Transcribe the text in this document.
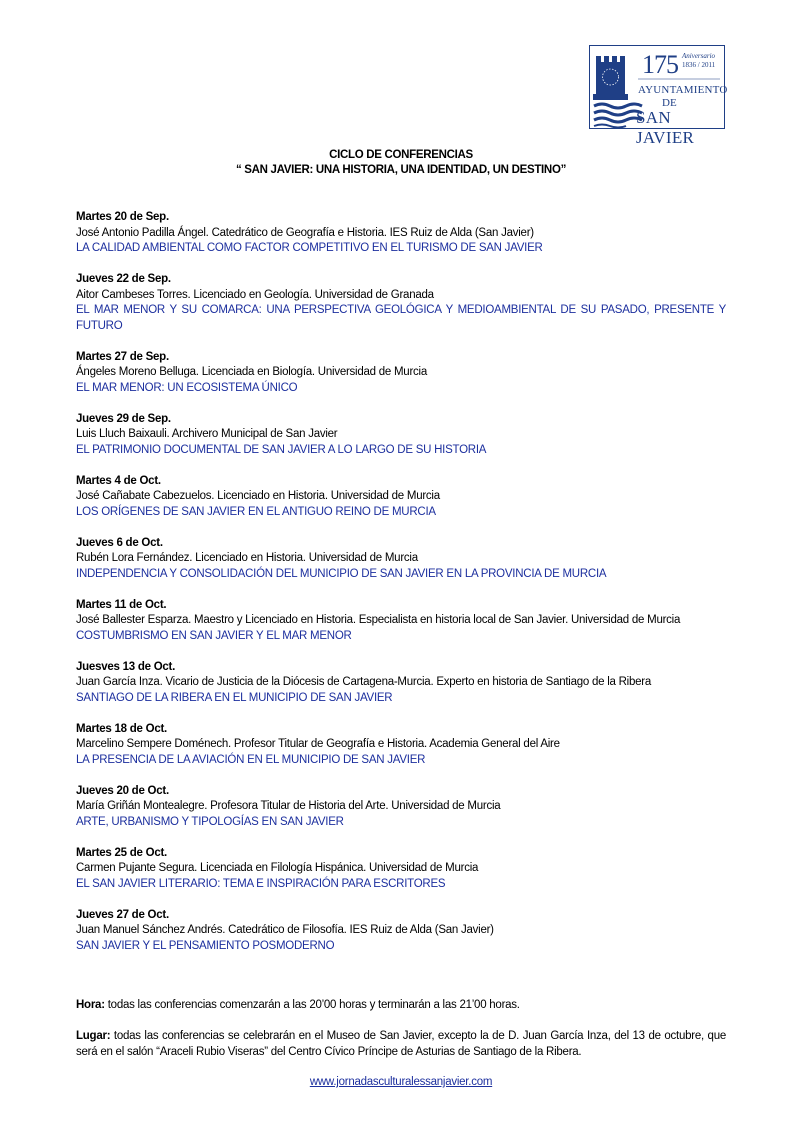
175 Aniversario
1836 / 2011
AYUNTAMIENTO
DE
SAN JAVIER
CICLO DE CONFERENCIAS
“ SAN JAVIER: UNA HISTORIA, UNA IDENTIDAD, UN DESTINO”
Martes 20 de Sep.
José Antonio Padilla Ángel. Catedrático de Geografía e Historia. IES Ruiz de Alda (San Javier)
LA CALIDAD AMBIENTAL COMO FACTOR COMPETITIVO EN EL TURISMO DE SAN JAVIER
Jueves 22 de Sep.
Aitor Cambeses Torres. Licenciado en Geología. Universidad de Granada
EL MAR MENOR Y SU COMARCA: UNA PERSPECTIVA GEOLÓGICA Y MEDIOAMBIENTAL DE SU PASADO, PRESENTE Y FUTURO
Martes 27 de Sep.
Ángeles Moreno Belluga. Licenciada en Biología. Universidad de Murcia
EL MAR MENOR: UN ECOSISTEMA ÚNICO
Jueves 29 de Sep.
Luis Lluch Baixauli. Archivero Municipal de San Javier
EL PATRIMONIO DOCUMENTAL DE SAN JAVIER A LO LARGO DE SU HISTORIA
Martes 4 de Oct.
José Cañabate Cabezuelos. Licenciado en Historia. Universidad de Murcia
LOS ORÍGENES DE SAN JAVIER EN EL ANTIGUO REINO DE MURCIA
Jueves 6 de Oct.
Rubén Lora Fernández. Licenciado en Historia. Universidad de Murcia
INDEPENDENCIA Y CONSOLIDACIÓN DEL MUNICIPIO DE SAN JAVIER EN LA PROVINCIA DE MURCIA
Martes 11 de Oct.
José Ballester Esparza. Maestro y Licenciado en Historia. Especialista en historia local de San Javier. Universidad de Murcia
COSTUMBRISMO EN SAN JAVIER Y EL MAR MENOR
Juesves 13 de Oct.
Juan García Inza. Vicario de Justicia de la Diócesis de Cartagena-Murcia. Experto en historia de Santiago de la Ribera
SANTIAGO DE LA RIBERA EN EL MUNICIPIO DE SAN JAVIER
Martes 18 de Oct.
Marcelino Sempere Doménech. Profesor Titular de Geografía e Historia. Academia General del Aire
LA PRESENCIA DE LA AVIACIÓN EN EL MUNICIPIO DE SAN JAVIER
Jueves 20 de Oct.
María Griñán Montealegre. Profesora Titular de Historia del Arte. Universidad de Murcia
ARTE, URBANISMO Y TIPOLOGÍAS EN SAN JAVIER
Martes 25 de Oct.
Carmen Pujante Segura. Licenciada en Filología Hispánica. Universidad de Murcia
EL SAN JAVIER LITERARIO: TEMA E INSPIRACIÓN PARA ESCRITORES
Jueves 27 de Oct.
Juan Manuel Sánchez Andrés. Catedrático de Filosofía. IES Ruiz de Alda (San Javier)
SAN JAVIER Y EL PENSAMIENTO POSMODERNO
Hora: todas las conferencias comenzarán a las 20’00 horas y terminarán a las 21’00 horas.
Lugar: todas las conferencias se celebrarán en el Museo de San Javier, excepto la de D. Juan García Inza, del 13 de octubre, que será en el salón “Araceli Rubio Viseras” del Centro Cívico Príncipe de Asturias de Santiago de la Ribera.
www.jornadasculturalessanjavier.com
